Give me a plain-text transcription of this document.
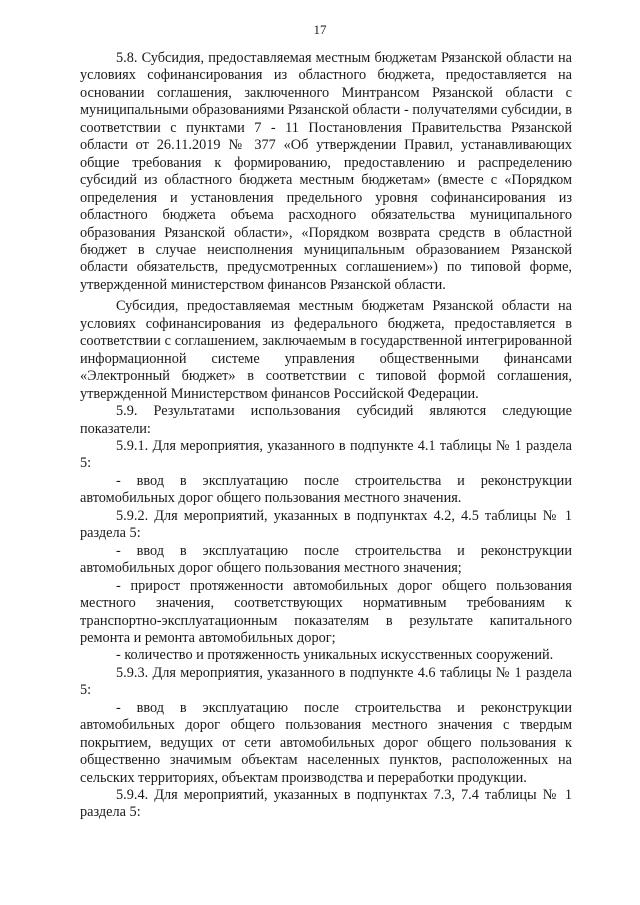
17

5.8. Субсидия, предоставляемая местным бюджетам Рязанской области на условиях софинансирования из областного бюджета, предоставляется на основании соглашения, заключенного Минтрансом Рязанской области с муниципальными образованиями Рязанской области - получателями субсидии, в соответствии с пунктами 7 - 11 Постановления Правительства Рязанской области от 26.11.2019 № 377 «Об утверждении Правил, устанавливающих общие требования к формированию, предоставлению и распределению субсидий из областного бюджета местным бюджетам» (вместе с «Порядком определения и установления предельного уровня софинансирования из областного бюджета объема расходного обязательства муниципального образования Рязанской области», «Порядком возврата средств в областной бюджет в случае неисполнения муниципальным образованием Рязанской области обязательств, предусмотренных соглашением») по типовой форме, утвержденной министерством финансов Рязанской области.

Субсидия, предоставляемая местным бюджетам Рязанской области на условиях софинансирования из федерального бюджета, предоставляется в соответствии с соглашением, заключаемым в государственной интегрированной информационной системе управления общественными финансами «Электронный бюджет» в соответствии с типовой формой соглашения, утвержденной Министерством финансов Российской Федерации.

5.9. Результатами использования субсидий являются следующие показатели:

5.9.1. Для мероприятия, указанного в подпункте 4.1 таблицы № 1 раздела 5:

- ввод в эксплуатацию после строительства и реконструкции автомобильных дорог общего пользования местного значения.

5.9.2. Для мероприятий, указанных в подпунктах 4.2, 4.5 таблицы № 1 раздела 5:

- ввод в эксплуатацию после строительства и реконструкции автомобильных дорог общего пользования местного значения;

- прирост протяженности автомобильных дорог общего пользования местного значения, соответствующих нормативным требованиям к транспортно-эксплуатационным показателям в результате капитального ремонта и ремонта автомобильных дорог;

- количество и протяженность уникальных искусственных сооружений.

5.9.3. Для мероприятия, указанного в подпункте 4.6 таблицы № 1 раздела 5:

- ввод в эксплуатацию после строительства и реконструкции автомобильных дорог общего пользования местного значения с твердым покрытием, ведущих от сети автомобильных дорог общего пользования к общественно значимым объектам населенных пунктов, расположенных на сельских территориях, объектам производства и переработки продукции.

5.9.4. Для мероприятий, указанных в подпунктах 7.3, 7.4 таблицы № 1 раздела 5:
